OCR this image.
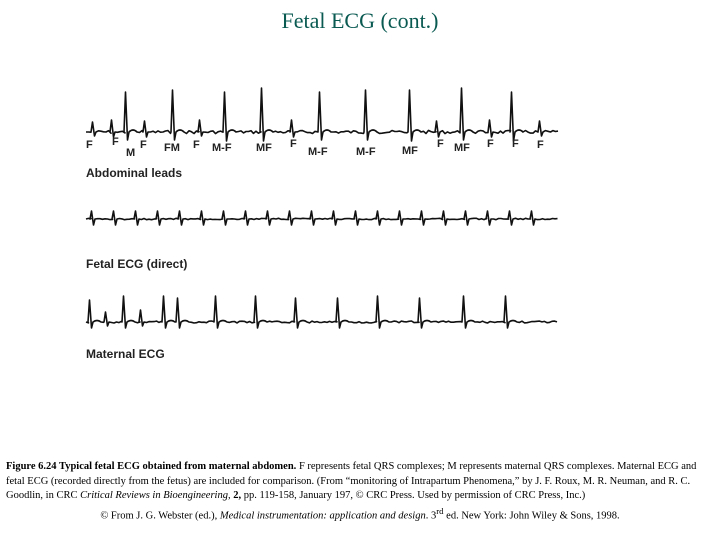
Fetal ECG (cont.)
F F
M
F FM F M-F MF F
M-F	M-F MF
F MF F F F
Abdominal leads
Fetal ECG (direct)
Maternal ECG
Figure 6.24 Typical fetal ECG obtained from maternal abdomen. F represents fetal QRS complexes; M represents maternal QRS complexes. Maternal ECG and fetal ECG (recorded directly from the fetus) are included for comparison. (From “monitoring of Intrapartum Phenomena,” by J. F. Roux, M. R. Neuman, and R. C. Goodlin, in CRC Critical Reviews in Bioengineering, 2, pp. 119-158, January 197, © CRC Press. Used by permission of CRC Press, Inc.)
© From J. G. Webster (ed.), Medical instrumentation: application and design. 3rd ed. New York: John Wiley & Sons, 1998.
